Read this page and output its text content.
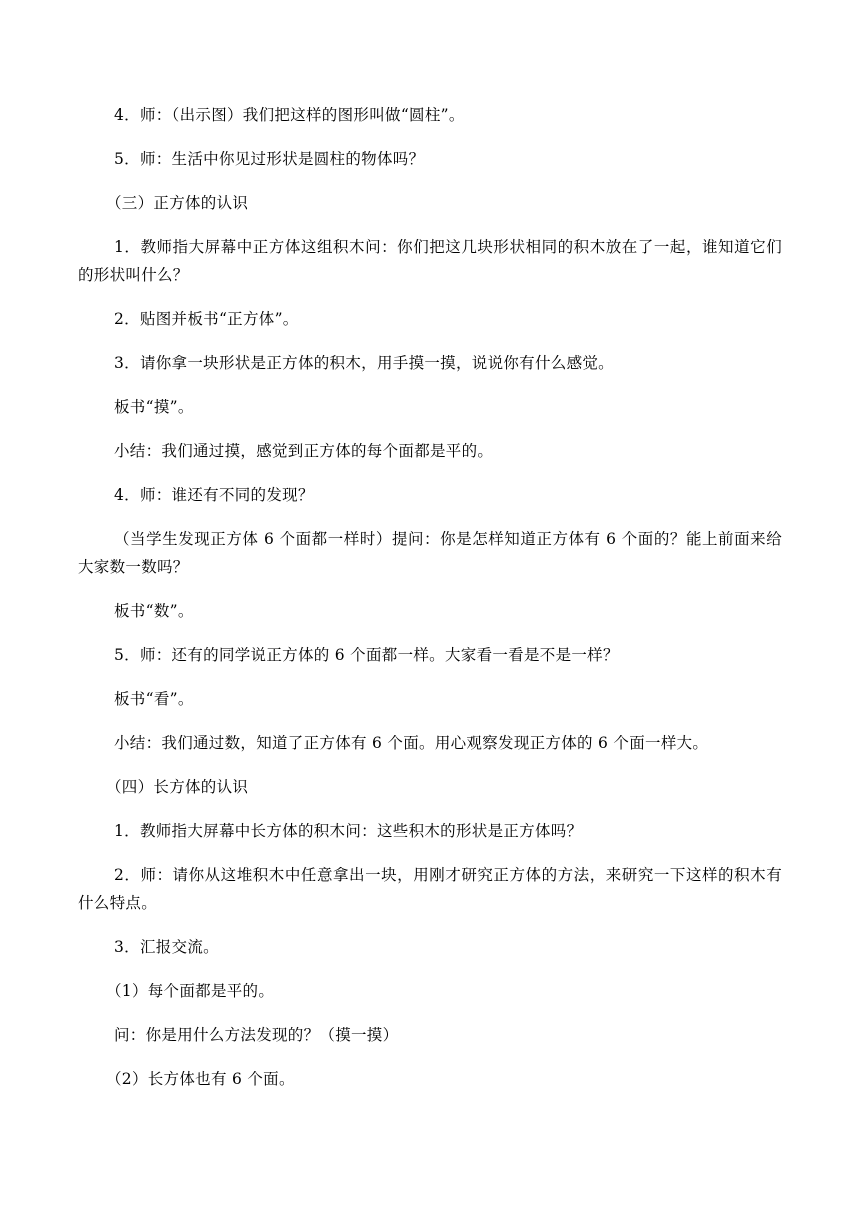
4．师：（出示图）我们把这样的图形叫做“圆柱”。

5．师：生活中你见过形状是圆柱的物体吗？

（三）正方体的认识

1．教师指大屏幕中正方体这组积木问：你们把这几块形状相同的积木放在了一起，谁知道它们的形状叫什么？

2．贴图并板书“正方体”。

3．请你拿一块形状是正方体的积木，用手摸一摸，说说你有什么感觉。

板书“摸”。

小结：我们通过摸，感觉到正方体的每个面都是平的。

4．师：谁还有不同的发现？

（当学生发现正方体 6 个面都一样时）提问：你是怎样知道正方体有 6 个面的？能上前面来给大家数一数吗？

板书“数”。

5．师：还有的同学说正方体的 6 个面都一样。大家看一看是不是一样？

板书“看”。

小结：我们通过数，知道了正方体有 6 个面。用心观察发现正方体的 6 个面一样大。

（四）长方体的认识

1．教师指大屏幕中长方体的积木问：这些积木的形状是正方体吗？

2．师：请你从这堆积木中任意拿出一块，用刚才研究正方体的方法，来研究一下这样的积木有什么特点。

3．汇报交流。

（1）每个面都是平的。

问：你是用什么方法发现的？（摸一摸）

（2）长方体也有 6 个面。
